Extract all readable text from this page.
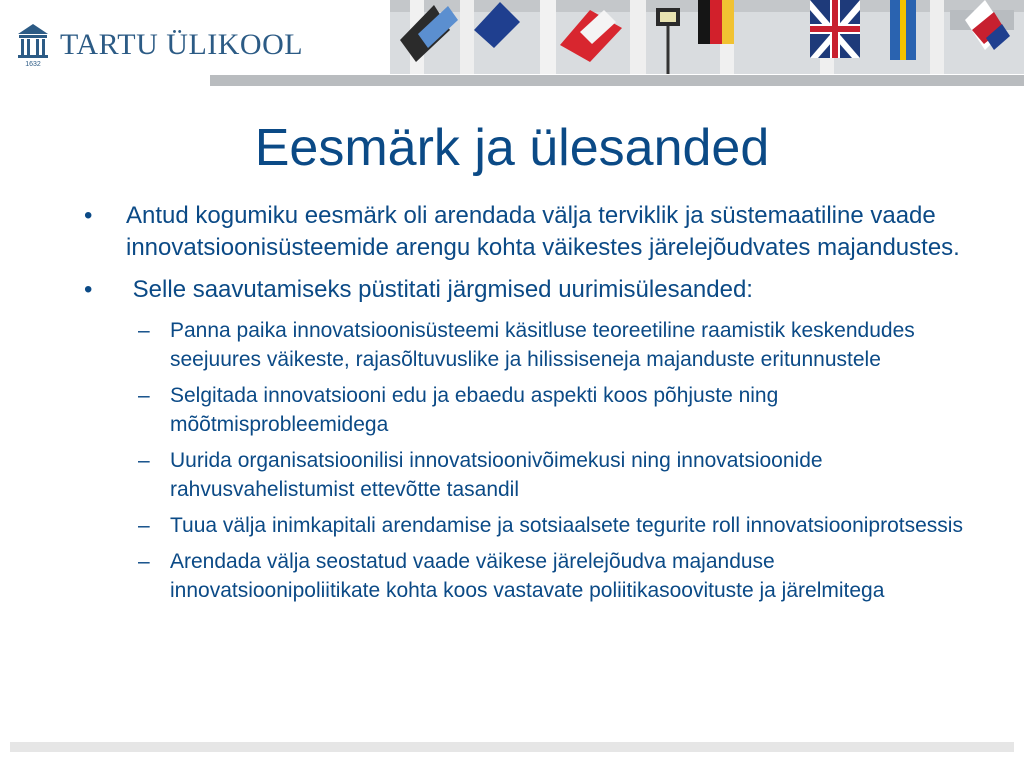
1632
TARTU ÜLIKOOL
Eesmärk ja ülesanded
•	Antud kogumiku eesmärk oli arendada välja terviklik ja süstemaatiline vaade innovatsioonisüsteemide arengu kohta väikestes järelejõudvates majandustes.
•	Selle saavutamiseks püstitati järgmised uurimisülesanded:
– Panna paika innovatsioonisüsteemi käsitluse teoreetiline raamistik keskendudes seejuures väikeste, rajasõltuvuslike ja hilissiseneja majanduste eritunnustele
– Selgitada innovatsiooni edu ja ebaedu aspekti koos põhjuste ning mõõtmisprobleemidega
– Uurida organisatsioonilisi innovatsioonivõimekusi ning innovatsioonide rahvusvahelistumist ettevõtte tasandil
– Tuua välja inimkapitali arendamise ja sotsiaalsete tegurite roll innovatsiooniprotsessis
– Arendada välja seostatud vaade väikese järelejõudva majanduse innovatsioonipoliitikate kohta koos vastavate poliitikasoovituste ja järelmitega
